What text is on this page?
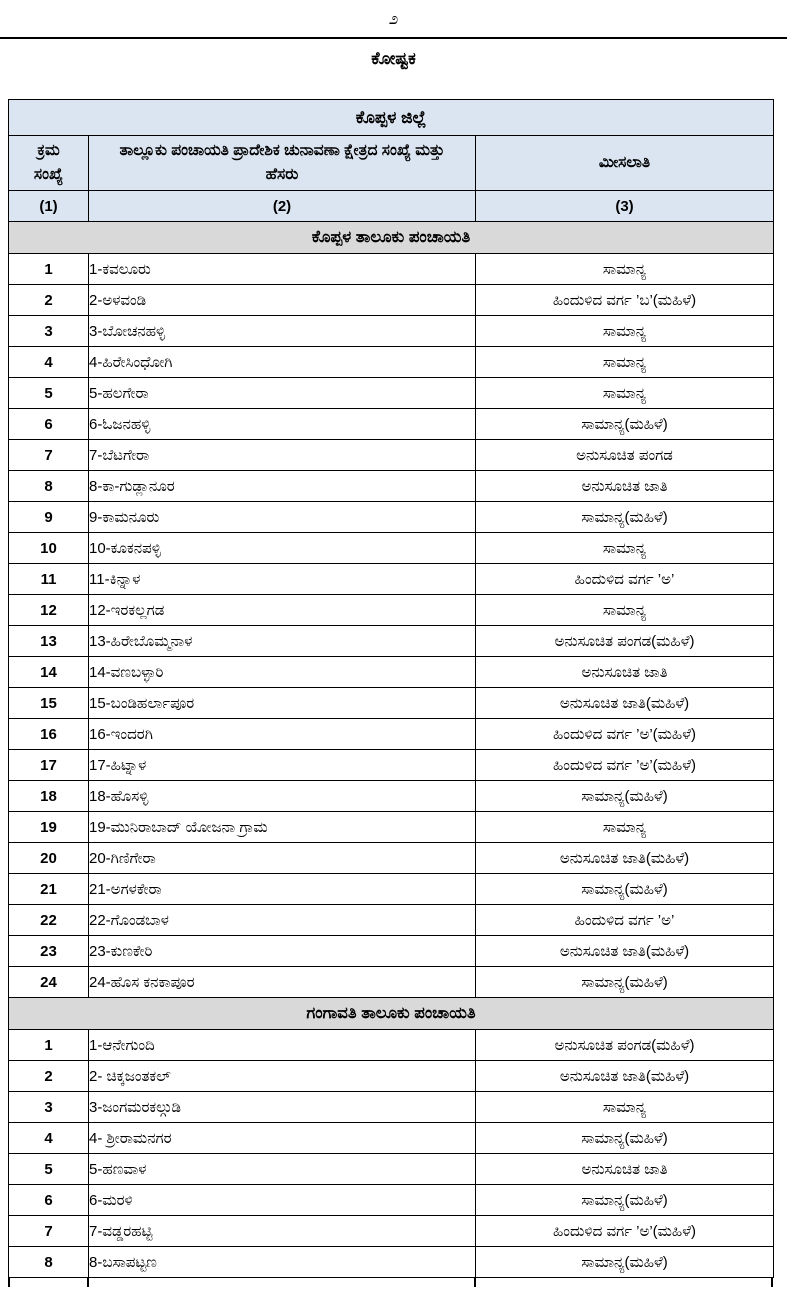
೨
ಕೋಷ್ಟಕ
ಕೊಪ್ಪಳ ಜಿಲ್ಲೆ		
ಕ್ರಮ ಸಂಖ್ಯೆ	ತಾಲ್ಲೂಕು ಪಂಚಾಯತಿ ಪ್ರಾದೇಶಿಕ ಚುನಾವಣಾ ಕ್ಷೇತ್ರದ ಸಂಖ್ಯೆ ಮತ್ತು ಹೆಸರು	ಮೀಸಲಾತಿ
(1)	(2)	(3)
ಕೊಪ್ಪಳ ತಾಲೂಕು ಪಂಚಾಯತಿ		
1	1-ಕವಲೂರು	ಸಾಮಾನ್ಯ
2	2-ಅಳವಂಡಿ	ಹಿಂದುಳಿದ ವರ್ಗ ’ಬ’(ಮಹಿಳೆ)
3	3-ಬೋಚನಹಳ್ಳಿ	ಸಾಮಾನ್ಯ
4	4-ಹಿರೇಸಿಂಧೋಗಿ	ಸಾಮಾನ್ಯ
5	5-ಹಲಗೇರಾ	ಸಾಮಾನ್ಯ
6	6-ಓಜನಹಳ್ಳಿ	ಸಾಮಾನ್ಯ(ಮಹಿಳೆ)
7	7-ಬೆಟಗೇರಾ	ಅನುಸೂಚಿತ ಪಂಗಡ
8	8-ಕಾ-ಗುಡ್ಲಾನೂರ	ಅನುಸೂಚಿತ ಜಾತಿ
9	9-ಕಾಮನೂರು	ಸಾಮಾನ್ಯ(ಮಹಿಳೆ)
10	10-ಕೂಕನಪಳ್ಳಿ	ಸಾಮಾನ್ಯ
11	11-ಕಿನ್ನಾಳ	ಹಿಂದುಳಿದ ವರ್ಗ ’ಅ’
12	12-ಇರಕಲ್ಲಗಡ	ಸಾಮಾನ್ಯ
13	13-ಹಿರೇಬೊಮ್ಮನಾಳ	ಅನುಸೂಚಿತ ಪಂಗಡ(ಮಹಿಳೆ)
14	14-ವಣಬಳ್ಳಾರಿ	ಅನುಸೂಚಿತ ಜಾತಿ
15	15-ಬಂಡಿಹರ್ಲಾಪೂರ	ಅನುಸೂಚಿತ ಜಾತಿ(ಮಹಿಳೆ)
16	16-ಇಂದರಗಿ	ಹಿಂದುಳಿದ ವರ್ಗ ’ಅ’(ಮಹಿಳೆ)
17	17-ಹಿಟ್ನಾಳ	ಹಿಂದುಳಿದ ವರ್ಗ ’ಅ’(ಮಹಿಳೆ)
18	18-ಹೊಸಳ್ಳಿ	ಸಾಮಾನ್ಯ(ಮಹಿಳೆ)
19	19-ಮುನಿರಾಬಾದ್ ಯೋಜನಾ ಗ್ರಾಮ	ಸಾಮಾನ್ಯ
20	20-ಗಿಣಿಗೇರಾ	ಅನುಸೂಚಿತ ಜಾತಿ(ಮಹಿಳೆ)
21	21-ಅಗಳಕೇರಾ	ಸಾಮಾನ್ಯ(ಮಹಿಳೆ)
22	22-ಗೊಂಡಬಾಳ	ಹಿಂದುಳಿದ ವರ್ಗ ’ಅ’
23	23-ಕುಣಕೇರಿ	ಅನುಸೂಚಿತ ಜಾತಿ(ಮಹಿಳೆ)
24	24-ಹೊಸ ಕನಕಾಪೂರ	ಸಾಮಾನ್ಯ(ಮಹಿಳೆ)
ಗಂಗಾವತಿ ತಾಲೂಕು ಪಂಚಾಯತಿ		
1	1-ಆನೇಗುಂದಿ	ಅನುಸೂಚಿತ ಪಂಗಡ(ಮಹಿಳೆ)
2	2- ಚಿಕ್ಕಜಂತಕಲ್	ಅನುಸೂಚಿತ ಜಾತಿ(ಮಹಿಳೆ)
3	3-ಜಂಗಮರಕಲ್ಗುಡಿ	ಸಾಮಾನ್ಯ
4	4- ಶ್ರೀರಾಮನಗರ	ಸಾಮಾನ್ಯ(ಮಹಿಳೆ)
5	5-ಹಣವಾಳ	ಅನುಸೂಚಿತ ಜಾತಿ
6	6-ಮರಳಿ	ಸಾಮಾನ್ಯ(ಮಹಿಳೆ)
7	7-ವಡ್ಡರಹಟ್ಟಿ	ಹಿಂದುಳಿದ ವರ್ಗ ’ಅ’(ಮಹಿಳೆ)
8	8-ಬಸಾಪಟ್ಟಣ	ಸಾಮಾನ್ಯ(ಮಹಿಳೆ)
